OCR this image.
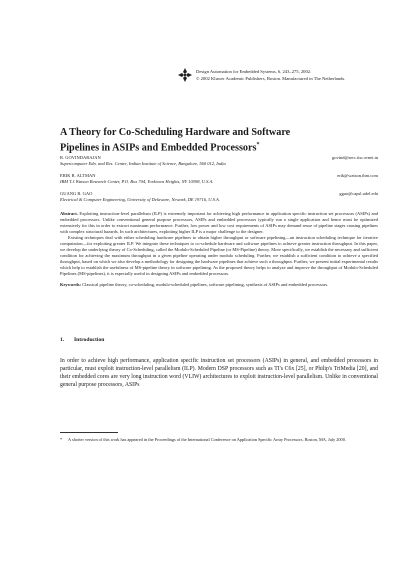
Design Automation for Embedded Systems, 6, 243–275, 2002.
© 2002 Kluwer Academic Publishers, Boston. Manufactured in The Netherlands.
A Theory for Co-Scheduling Hardware and Software
Pipelines in ASIPs and Embedded Processors*
R. GOVINDARAJAN	govind@serc.iisc.ernet.in
Supercomputer Edn. and Res. Centre, Indian Institute of Science, Bangalore, 560 012, India
ERIK R. ALTMAN	erik@watson.ibm.com
IBM T.J.Watson Research Center, P.O. Box 704, Yorktown Heights, NY 10598, U.S.A.
GUANG R. GAO	ggao@capsl.udel.edu
Electrical & Computer Engineering, University of Delaware, Newark, DE 19716, U.S.A.
Abstract. Exploiting instruction-level parallelism (ILP) is extremely important for achieving high performance in application specific instruction set processors (ASIPs) and embedded processors. Unlike conventional general purpose processors, ASIPs and embedded processors typically run a single application and hence must be optimized extensively for this in order to extract maximum performance. Further, low power and low cost requirements of ASIPs may demand reuse of pipeline stages causing pipelines with complex structural hazards. In such architectures, exploiting higher ILP is a major challenge to the designer.
Existing techniques deal with either scheduling hardware pipelines to obtain higher throughput or software pipelining—an instruction scheduling technique for iterative computation—for exploiting greater ILP. We integrate these techniques to co-schedule hardware and software pipelines to achieve greater instruction throughput. In this paper, we develop the underlying theory of Co-Scheduling, called the Modulo-Scheduled Pipeline (or MS-Pipeline) theory. More specifically, we establish the necessary and sufficient condition for achieving the maximum throughput in a given pipeline operating under modulo scheduling. Further, we establish a sufficient condition to achieve a specified throughput, based on which we also develop a methodology for designing the hardware pipelines that achieve such a throughput. Further, we present initial experimental results which help to establish the usefulness of MS-pipeline theory in software pipelining. As the proposed theory helps to analyze and improve the throughput of Modulo-Scheduled Pipelines (MS-pipelines), it is especially useful in designing ASIPs and embedded processors.
Keywords: Classical pipeline theory, co-scheduling, modulo-scheduled pipelines, software pipelining, synthesis of ASIPs and embedded processors.
1. Introduction
In order to achieve high performance, application specific instruction set processors (ASIPs) in general, and embedded processors in particular, must exploit instruction-level parallelism (ILP). Modern DSP processors such as TI's C6x [25], or Philip's TriMedia [20], and their embedded cores are very long instruction word (VLIW) architectures to exploit instruction-level parallelism. Unlike in conventional general purpose processors, ASIPs
* A shorter version of this work has appeared in the Proceedings of the International Conference on Application Specific Array Processors, Boston, MA, July 2000.
